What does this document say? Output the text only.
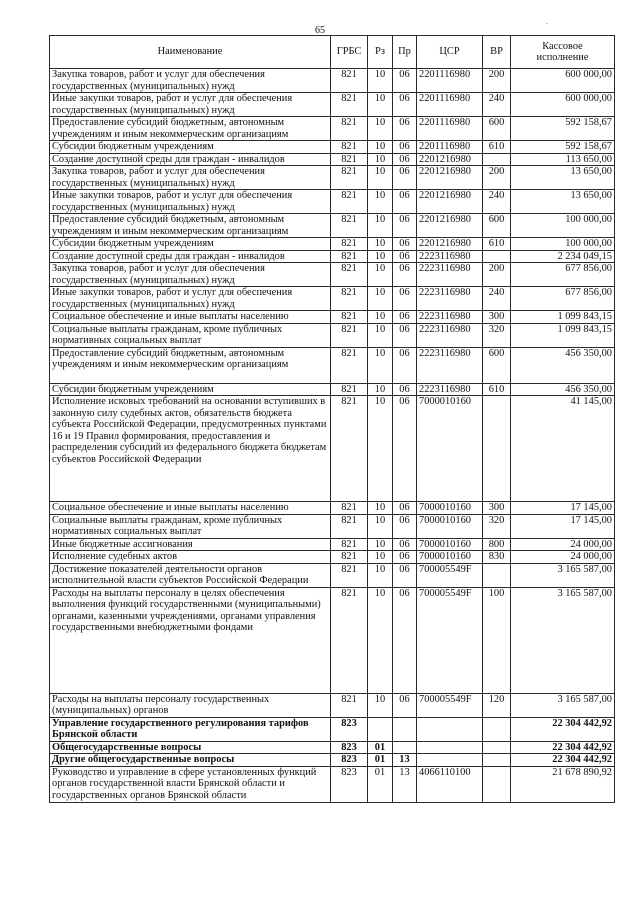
65
.
Наименование	ГРБС	Рз	Пр	ЦСР	ВР	Кассовое
исполнение
Закупка товаров, работ и услуг для обеспечения государственных (муниципальных) нужд	821	10	06	2201116980	200	600 000,00
Иные закупки товаров, работ и услуг для обеспечения государственных (муниципальных) нужд	821	10	06	2201116980	240	600 000,00
Предоставление субсидий бюджетным, автономным учреждениям и иным некоммерческим организациям	821	10	06	2201116980	600	592 158,67
Субсидии бюджетным учреждениям	821	10	06	2201116980	610	592 158,67
Создание доступной среды для граждан - инвалидов	821	10	06	2201216980		113 650,00
Закупка товаров, работ и услуг для обеспечения государственных (муниципальных) нужд	821	10	06	2201216980	200	13 650,00
Иные закупки товаров, работ и услуг для обеспечения государственных (муниципальных) нужд	821	10	06	2201216980	240	13 650,00
Предоставление субсидий бюджетным, автономным учреждениям и иным некоммерческим организациям	821	10	06	2201216980	600	100 000,00
Субсидии бюджетным учреждениям	821	10	06	2201216980	610	100 000,00
Создание доступной среды для граждан - инвалидов	821	10	06	2223116980		2 234 049,15
Закупка товаров, работ и услуг для обеспечения государственных (муниципальных) нужд	821	10	06	2223116980	200	677 856,00
Иные закупки товаров, работ и услуг для обеспечения государственных (муниципальных) нужд	821	10	06	2223116980	240	677 856,00
Социальное обеспечение и иные выплаты населению	821	10	06	2223116980	300	1 099 843,15
Социальные выплаты гражданам, кроме публичных нормативных социальных выплат	821	10	06	2223116980	320	1 099 843,15
Предоставление субсидий бюджетным, автономным учреждениям и иным некоммерческим организациям	821	10	06	2223116980	600	456 350,00
Субсидии бюджетным учреждениям	821	10	06	2223116980	610	456 350,00
Исполнение исковых требований на основании вступивших в законную силу судебных актов, обязательств бюджета субъекта Российской Федерации, предусмотренных пунктами 16 и 19 Правил формирования, предоставления и распределения субсидий из федерального бюджета бюджетам субъектов Российской Федерации	821	10	06	7000010160		41 145,00
Социальное обеспечение и иные выплаты населению	821	10	06	7000010160	300	17 145,00
Социальные выплаты гражданам, кроме публичных нормативных социальных выплат	821	10	06	7000010160	320	17 145,00
Иные бюджетные ассигнования	821	10	06	7000010160	800	24 000,00
Исполнение судебных актов	821	10	06	7000010160	830	24 000,00
Достижение показателей деятельности органов исполнительной власти субъектов Российской Федерации	821	10	06	700005549F		3 165 587,00
Расходы на выплаты персоналу в целях обеспечения выполнения функций государственными (муниципальными) органами, казенными учреждениями, органами управления государственными внебюджетными фондами	821	10	06	700005549F	100	3 165 587,00
Расходы на выплаты персоналу государственных (муниципальных) органов	821	10	06	700005549F	120	3 165 587,00
Управление государственного регулирования тарифов Брянской области	823					22 304 442,92
Общегосударственные вопросы	823	01				22 304 442,92
Другие общегосударственные вопросы	823	01	13			22 304 442,92
Руководство и управление в сфере установленных функций органов государственной власти Брянской области и государственных органов Брянской области	823	01	13	4066110100		21 678 890,92
